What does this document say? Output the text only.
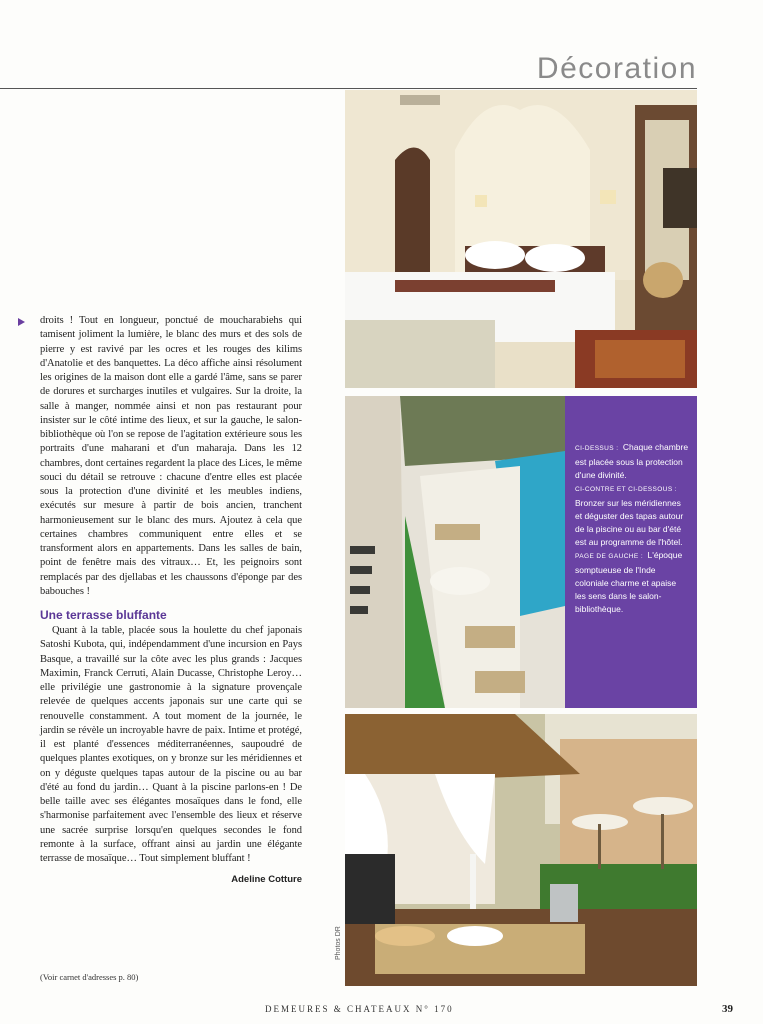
Décoration
CI-DESSUS : Chaque chambre est placée sous la protection d'une divinité.
CI-CONTRE ET CI-DESSOUS : Bronzer sur les méridiennes et déguster des tapas autour de la piscine ou au bar d'été est au programme de l'hôtel.
PAGE DE GAUCHE : L'époque somptueuse de l'Inde coloniale charme et apaise les sens dans le salon-bibliothèque.
Photos DR

droits ! Tout en longueur, ponctué de moucharabiehs qui tamisent joliment la lumière, le blanc des murs et des sols de pierre y est ravivé par les ocres et les rouges des kilims d'Anatolie et des banquettes. La déco affiche ainsi résolument les origines de la maison dont elle a gardé l'âme, sans se parer de dorures et surcharges inutiles et vulgaires. Sur la droite, la salle à manger, nommée ainsi et non pas restaurant pour insister sur le côté intime des lieux, et sur la gauche, le salon-bibliothèque où l'on se repose de l'agitation extérieure sous les portraits d'une maharani et d'un maharaja. Dans les 12 chambres, dont certaines regardent la place des Lices, le même souci du détail se retrouve : chacune d'entre elles est placée sous la protection d'une divinité et les meubles indiens, exécutés sur mesure à partir de bois ancien, tranchent harmonieusement sur le blanc des murs. Ajoutez à cela que certaines chambres communiquent entre elles et se transforment alors en appartements. Dans les salles de bain, point de fenêtre mais des vitraux… Et, les peignoirs sont remplacés par des djellabas et les chaussons d'éponge par des babouches !

Une terrasse bluffante

Quant à la table, placée sous la houlette du chef japonais Satoshi Kubota, qui, indépendamment d'une incursion en Pays Basque, a travaillé sur la côte avec les plus grands : Jacques Maximin, Franck Cerruti, Alain Ducasse, Christophe Leroy… elle privilégie une gastronomie à la signature provençale relevée de quelques accents japonais sur une carte qui se renouvelle constamment. A tout moment de la journée, le jardin se révèle un incroyable havre de paix. Intime et protégé, il est planté d'essences méditerranéennes, saupoudré de quelques plantes exotiques, on y bronze sur les méridiennes et on y déguste quelques tapas autour de la piscine ou au bar d'été au fond du jardin… Quant à la piscine parlons-en ! De belle taille avec ses élégantes mosaïques dans le fond, elle s'harmonise parfaitement avec l'ensemble des lieux et réserve une sacrée surprise lorsqu'en quelques secondes le fond remonte à la surface, offrant ainsi au jardin une élégante terrasse de mosaïque… Tout simplement bluffant !

Adeline Cotture

(Voir carnet d'adresses p. 80)
DEMEURES & CHATEAUX N° 170	39
